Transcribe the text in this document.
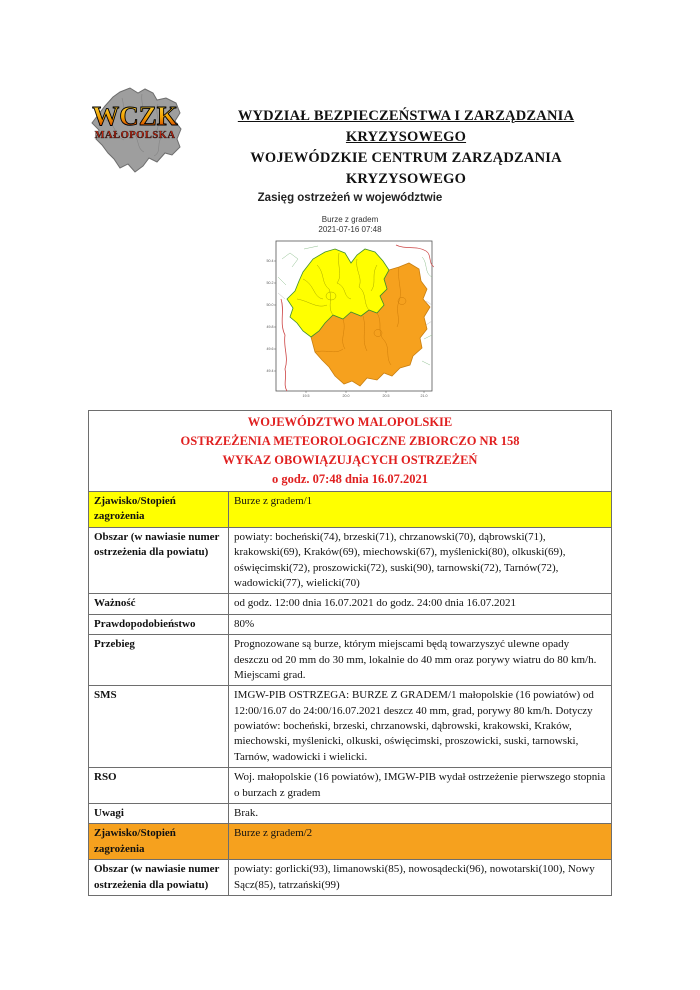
WCZK
MAŁOPOLSKA
WYDZIAŁ BEZPIECZEŃSTWA I ZARZĄDZANIA KRYZYSOWEGO
WOJEWÓDZKIE CENTRUM ZARZĄDZANIA KRYZYSOWEGO
Zasięg ostrzeżeń w województwie
Burze z gradem
2021-07-16 07:48
50.4
50.2
50.0
49.8
49.6
49.4
19.5	20.0	20.5	21.0
WOJEWÓDZTWO MALOPOLSKIE
OSTRZEŻENIA METEOROLOGICZNE ZBIORCZO NR 158
WYKAZ OBOWIĄZUJĄCYCH OSTRZEŻEŃ
o godz. 07:48 dnia 16.07.2021	

Zjawisko/Stopień zagrożenia	Burze z gradem/1
Obszar (w nawiasie numer ostrzeżenia dla powiatu)	powiaty: bocheński(74), brzeski(71), chrzanowski(70), dąbrowski(71), krakowski(69), Kraków(69), miechowski(67), myślenicki(80), olkuski(69), oświęcimski(72), proszowicki(72), suski(90), tarnowski(72), Tarnów(72), wadowicki(77), wielicki(70)
Ważność	od godz. 12:00 dnia 16.07.2021 do godz. 24:00 dnia 16.07.2021
Prawdopodobieństwo	80%
Przebieg	Prognozowane są burze, którym miejscami będą towarzyszyć ulewne opady deszczu od 20 mm do 30 mm, lokalnie do 40 mm oraz porywy wiatru do 80 km/h. Miejscami grad.
SMS	IMGW-PIB OSTRZEGA: BURZE Z GRADEM/1 małopolskie (16 powiatów) od 12:00/16.07 do 24:00/16.07.2021 deszcz 40 mm, grad, porywy 80 km/h. Dotyczy powiatów: bocheński, brzeski, chrzanowski, dąbrowski, krakowski, Kraków, miechowski, myślenicki, olkuski, oświęcimski, proszowicki, suski, tarnowski, Tarnów, wadowicki i wielicki.
RSO	Woj. małopolskie (16 powiatów), IMGW-PIB wydał ostrzeżenie pierwszego stopnia o burzach z gradem
Uwagi	Brak.
Zjawisko/Stopień zagrożenia	Burze z gradem/2
Obszar (w nawiasie numer ostrzeżenia dla powiatu)	powiaty: gorlicki(93), limanowski(85), nowosądecki(96), nowotarski(100), Nowy Sącz(85), tatrzański(99)
